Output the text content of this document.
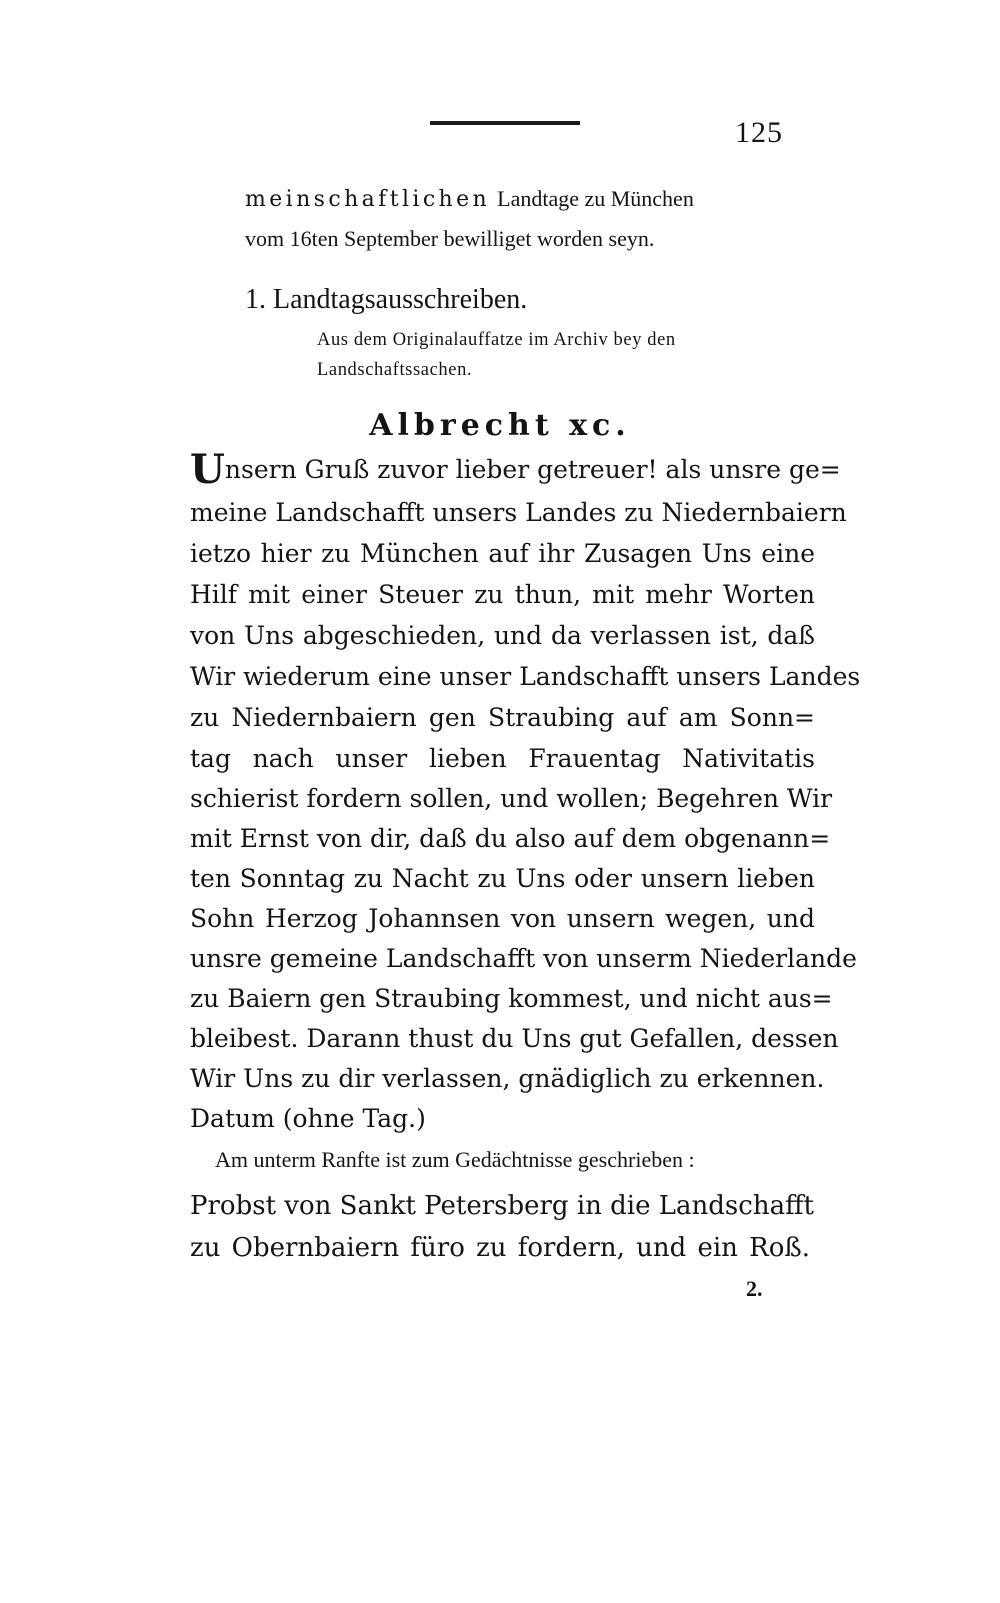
125
meinschaftlichen Landtage zu München
vom 16ten September bewilliget worden seyn.
1. Landtagsausschreiben.
Aus dem Originalauffatze im Archiv bey den
Landschaftssachen.
Albrecht xc.
Unsern Gruß zuvor lieber getreuer! als unsre ge=
meine Landschafft unsers Landes zu Niedernbaiern
ietzo hier zu München auf ihr Zusagen Uns eine
Hilf mit einer Steuer zu thun, mit mehr Worten
von Uns abgeschieden, und da verlassen ist, daß
Wir wiederum eine unser Landschafft unsers Landes
zu Niedernbaiern gen Straubing auf am Sonn=
tag nach unser lieben Frauentag Nativitatis
schierist fordern sollen, und wollen; Begehren Wir
mit Ernst von dir, daß du also auf dem obgenann=
ten Sonntag zu Nacht zu Uns oder unsern lieben
Sohn Herzog Johannsen von unsern wegen, und
unsre gemeine Landschafft von unserm Niederlande
zu Baiern gen Straubing kommest, und nicht aus=
bleibest. Darann thust du Uns gut Gefallen, dessen
Wir Uns zu dir verlassen, gnädiglich zu erkennen.
Datum (ohne Tag.)
Am unterm Ranfte ist zum Gedächtnisse geschrieben :
Probst von Sankt Petersberg in die Landschafft
zu Obernbaiern füro zu fordern, und ein Roß.
2.
